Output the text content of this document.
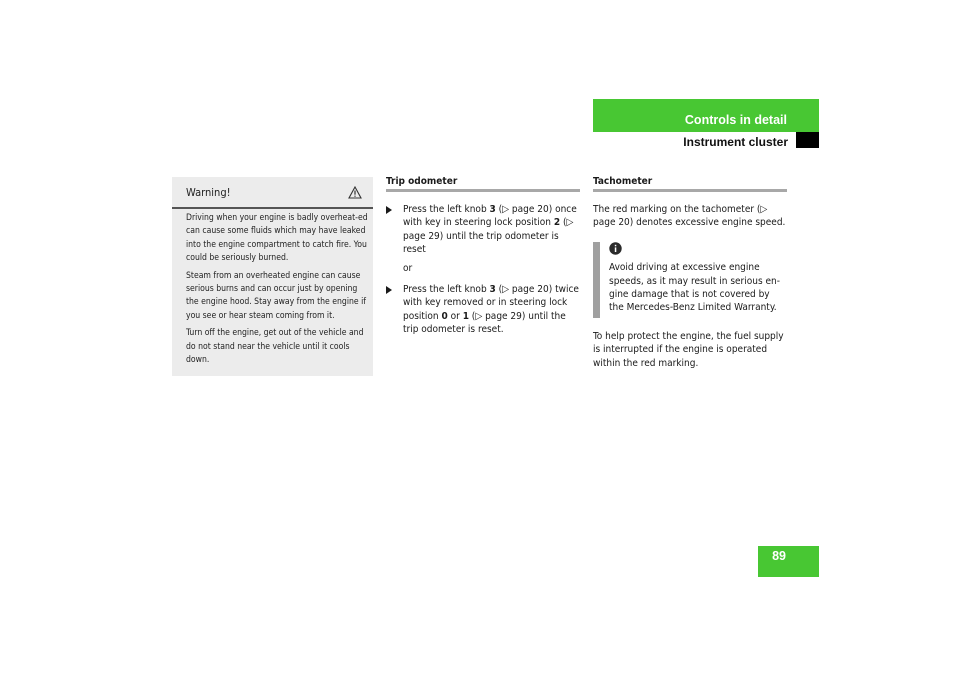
Controls in detail
Instrument cluster
Warning!

Driving when your engine is badly overheat-ed can cause some fluids which may have leaked into the engine compartment to catch fire. You could be seriously burned.

Steam from an overheated engine can cause serious burns and can occur just by opening the engine hood. Stay away from the engine if you see or hear steam coming from it.

Turn off the engine, get out of the vehicle and do not stand near the vehicle until it cools down.

Trip odometer

Press the left knob 3 (▷ page 20) once with key in steering lock position 2 (▷ page 29) until the trip odometer is reset

or

Press the left knob 3 (▷ page 20) twice with key removed or in steering lock position 0 or 1 (▷ page 29) until the trip odometer is reset.

Tachometer

The red marking on the tachometer (▷ page 20) denotes excessive engine speed.

Avoid driving at excessive engine speeds, as it may result in serious en-gine damage that is not covered by the Mercedes-Benz Limited Warranty.

To help protect the engine, the fuel supply is interrupted if the engine is operated within the red marking.

89
